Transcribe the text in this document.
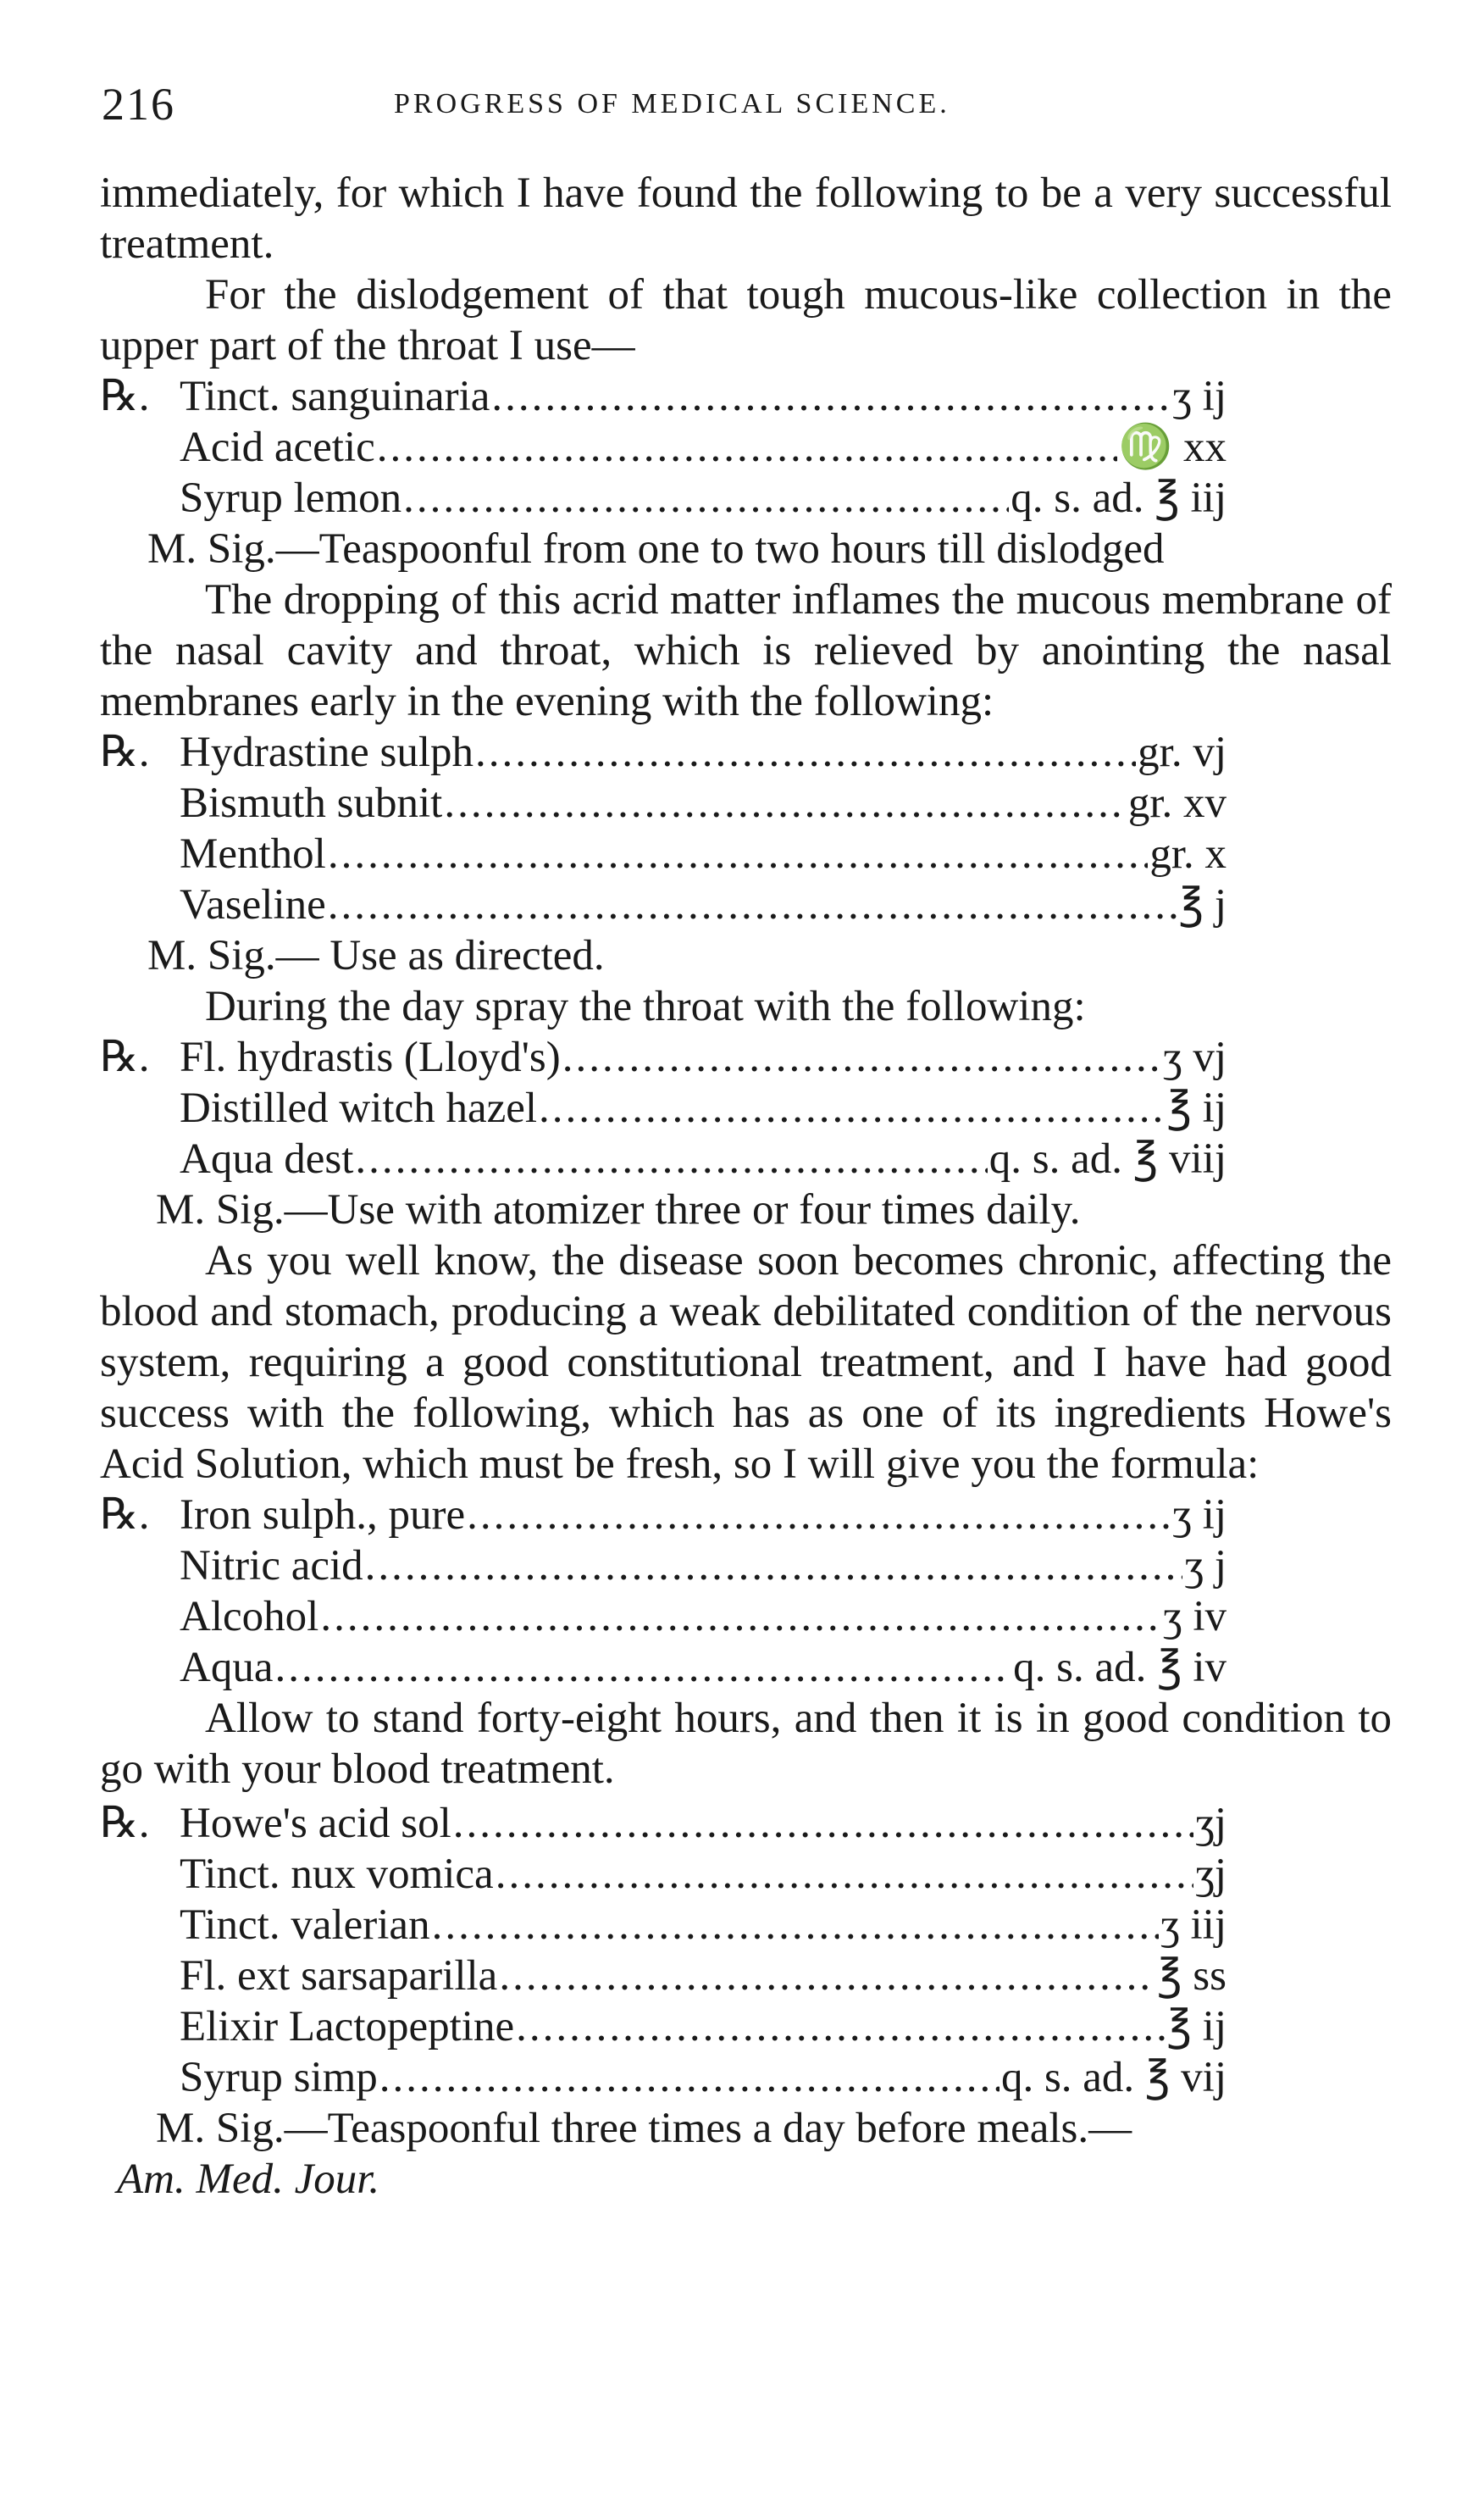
216	PROGRESS OF MEDICAL SCIENCE.

immediately, for which I have found the following to be a very successful treatment.

For the dislodgement of that tough mucous-like collection in the upper part of the throat I use—

℞. Tinct. sanguinaria .....	ʒ ij
Acid acetic .....	♍ xx
Syrup lemon .....	q. s. ad. ℥ iij
M. Sig.—Teaspoonful from one to two hours till dislodged

The dropping of this acrid matter inflames the mucous membrane of the nasal cavity and throat, which is relieved by anointing the nasal membranes early in the evening with the following:

℞. Hydrastine sulph .....	gr. vj
Bismuth subnit .....	gr. xv
Menthol .....	gr. x
Vaseline .....	℥ j
M. Sig.— Use as directed.

During the day spray the throat with the following:

℞. Fl. hydrastis (Lloyd's) .....	ʒ vj
Distilled witch hazel .....	℥ ij
Aqua dest .....	q. s. ad. ℥ viij
M. Sig.—Use with atomizer three or four times daily.

As you well know, the disease soon becomes chronic, affecting the blood and stomach, producing a weak debilitated condition of the nervous system, requiring a good constitutional treatment, and I have had good success with the following, which has as one of its ingredients Howe's Acid Solution, which must be fresh, so I will give you the formula:

℞. Iron sulph., pure .....	ʒ ij
Nitric acid .....	ʒ j
Alcohol .....	ʒ iv
Aqua .....	q. s. ad. ℥ iv

Allow to stand forty-eight hours, and then it is in good condition to go with your blood treatment.

℞. Howe's acid sol .....	ʒj
Tinct. nux vomica .....	ʒj
Tinct. valerian .....	ʒ iij
Fl. ext sarsaparilla .....	℥ ss
Elixir Lactopeptine .....	℥ ij
Syrup simp .....	q. s. ad. ℥ vij
M. Sig.—Teaspoonful three times a day before meals.—
Am. Med. Jour.
